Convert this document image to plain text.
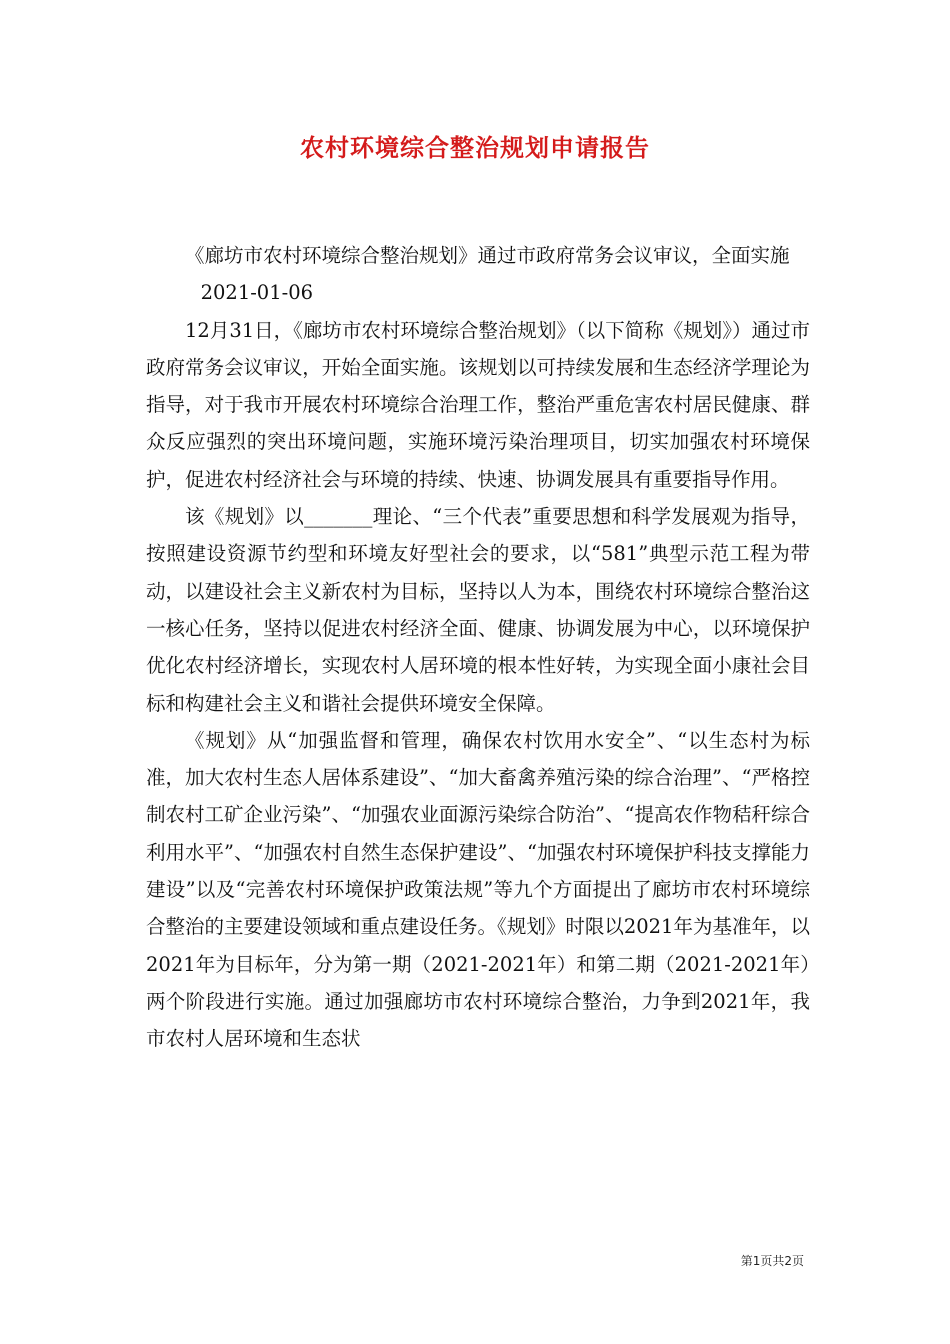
农村环境综合整治规划申请报告

《廊坊市农村环境综合整治规划》通过市政府常务会议审议，全面实施

2021-01-06

12月31日，《廊坊市农村环境综合整治规划》（以下简称《规划》）通过市政府常务会议审议，开始全面实施。该规划以可持续发展和生态经济学理论为指导，对于我市开展农村环境综合治理工作，整治严重危害农村居民健康、群众反应强烈的突出环境问题，实施环境污染治理项目，切实加强农村环境保护，促进农村经济社会与环境的持续、快速、协调发展具有重要指导作用。

该《规划》以_______理论、“三个代表”重要思想和科学发展观为指导，按照建设资源节约型和环境友好型社会的要求，以“581”典型示范工程为带动，以建设社会主义新农村为目标，坚持以人为本，围绕农村环境综合整治这一核心任务，坚持以促进农村经济全面、健康、协调发展为中心，以环境保护优化农村经济增长，实现农村人居环境的根本性好转，为实现全面小康社会目标和构建社会主义和谐社会提供环境安全保障。

《规划》从“加强监督和管理，确保农村饮用水安全”、“以生态村为标准，加大农村生态人居体系建设”、“加大畜禽养殖污染的综合治理”、“严格控制农村工矿企业污染”、“加强农业面源污染综合防治”、“提高农作物秸秆综合利用水平”、“加强农村自然生态保护建设”、“加强农村环境保护科技支撑能力建设”以及“完善农村环境保护政策法规”等九个方面提出了廊坊市农村环境综合整治的主要建设领域和重点建设任务。《规划》时限以2021年为基准年，以2021年为目标年，分为第一期（2021-2021年）和第二期（2021-2021年）两个阶段进行实施。通过加强廊坊市农村环境综合整治，力争到2021年，我市农村人居环境和生态状

第1页共2页
